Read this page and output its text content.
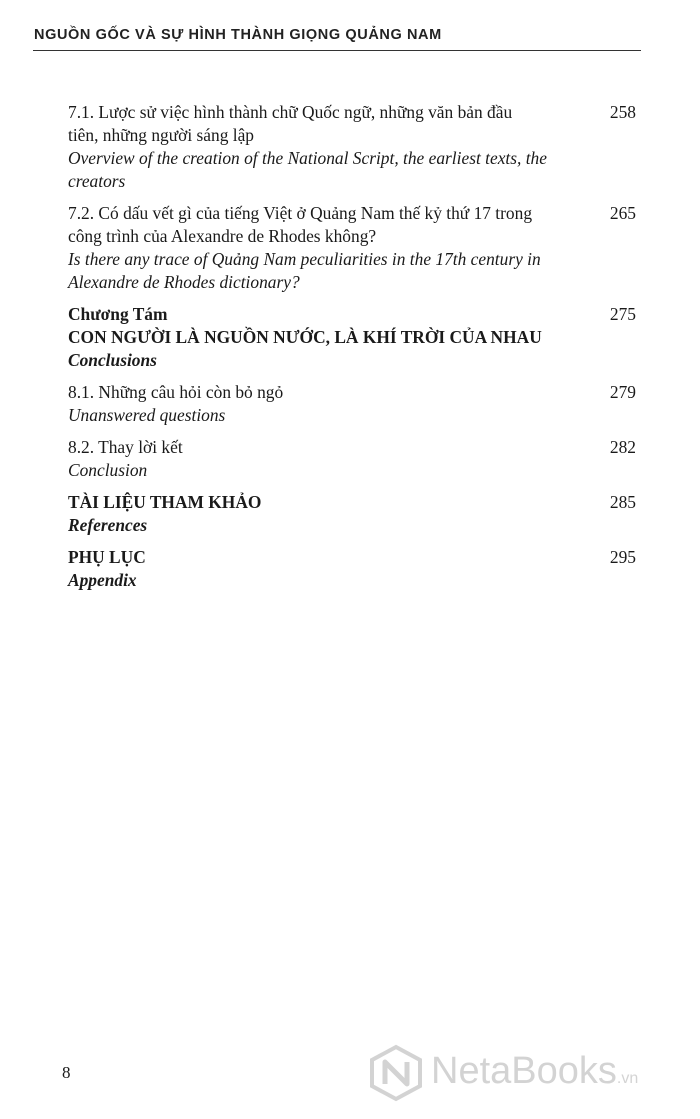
NGUỒN GỐC VÀ SỰ HÌNH THÀNH GIỌNG QUẢNG NAM
7.1. Lược sử việc hình thành chữ Quốc ngữ, những văn bản đầu
tiên, những người sáng lập
Overview of the creation of the National Script, the earliest texts, the
creators
258
7.2. Có dấu vết gì của tiếng Việt ở Quảng Nam thế kỷ thứ 17 trong
công trình của Alexandre de Rhodes không?
Is there any trace of Quảng Nam peculiarities in the 17th century in
Alexandre de Rhodes dictionary?
265
Chương Tám
CON NGƯỜI LÀ NGUỒN NƯỚC, LÀ KHÍ TRỜI CỦA NHAU
Conclusions
275
8.1. Những câu hỏi còn bỏ ngỏ
Unanswered questions
279
8.2. Thay lời kết
Conclusion
282
TÀI LIỆU THAM KHẢO
References
285
PHỤ LỤC
Appendix
295
8	NetaBooks.vn
